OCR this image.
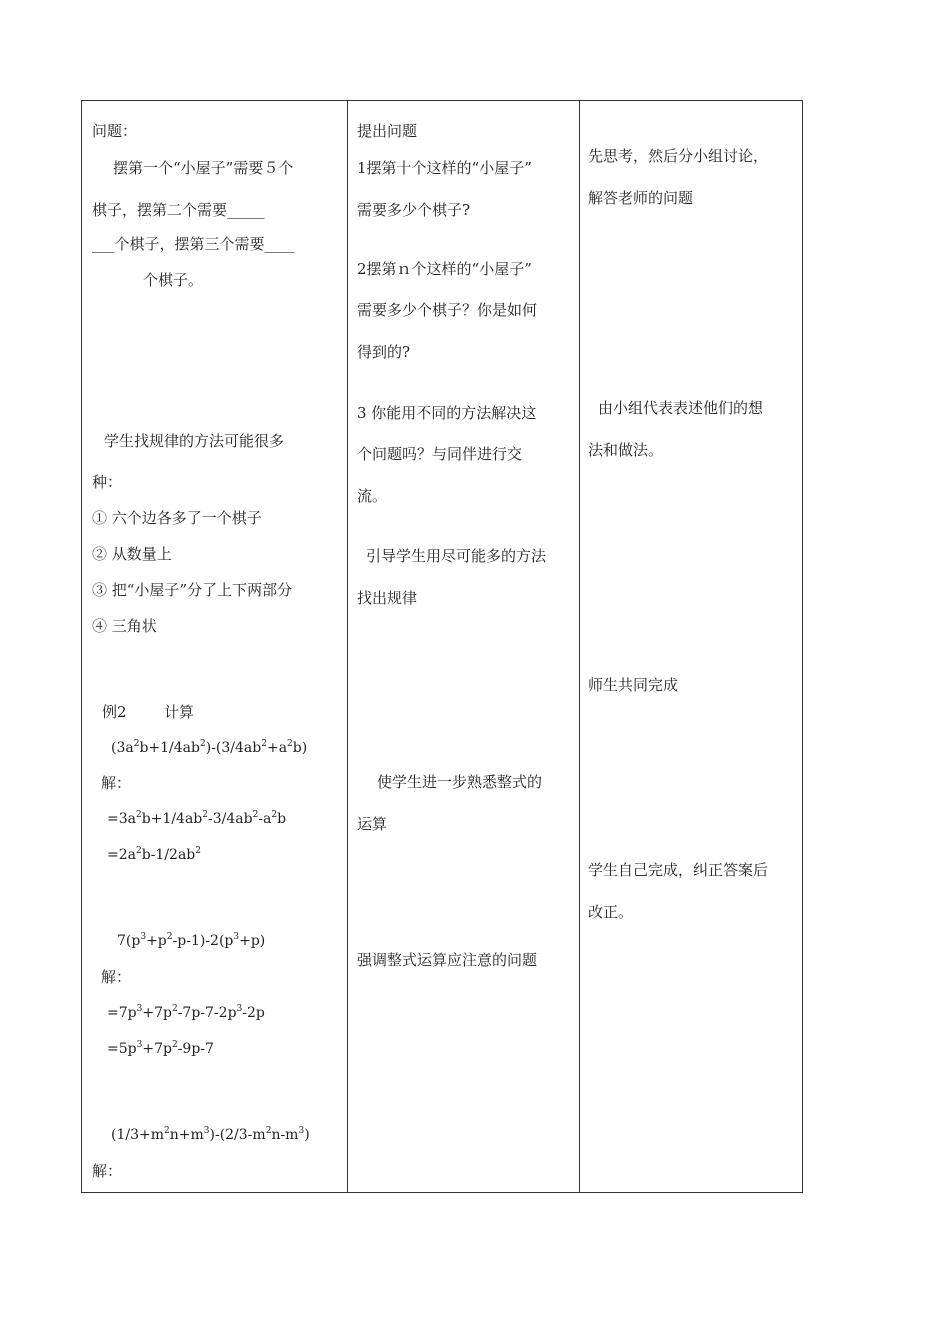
问题：
摆第一个“小屋子”需要５个
棋子，摆第二个需要_____
___个棋子，摆第三个需要____
个棋子。
学生找规律的方法可能很多
种：
① 六个边各多了一个棋子
② 从数量上
③ 把“小屋子”分了上下两部分
④ 三角状
例2 计算
$(3a^2b+1/4ab^2)-(3/4ab^2+a^2b)$
解：
$=3a^2b+1/4ab^2-3/4ab^2-a^2b$
$=2a^2b-1/2ab^2$
$7(p^3+p^2-p-1)-2(p^3+p)$
解：
$=7p^3+7p^2-7p-7-2p^3-2p$
$=5p^3+7p^2-9p-7$
$(1/3+m^2n+m^3)-(2/3-m^2n-m^3)$
解：
提出问题
1摆第十个这样的“小屋子”
需要多少个棋子?
2摆第ｎ个这样的“小屋子”
需要多少个棋子？你是如何
得到的?
3 你能用不同的方法解决这
个问题吗？与同伴进行交
流。
引导学生用尽可能多的方法
找出规律
使学生进一步熟悉整式的
运算
强调整式运算应注意的问题
先思考，然后分小组讨论，
解答老师的问题
由小组代表表述他们的想
法和做法。
师生共同完成
学生自己完成，纠正答案后
改正。
